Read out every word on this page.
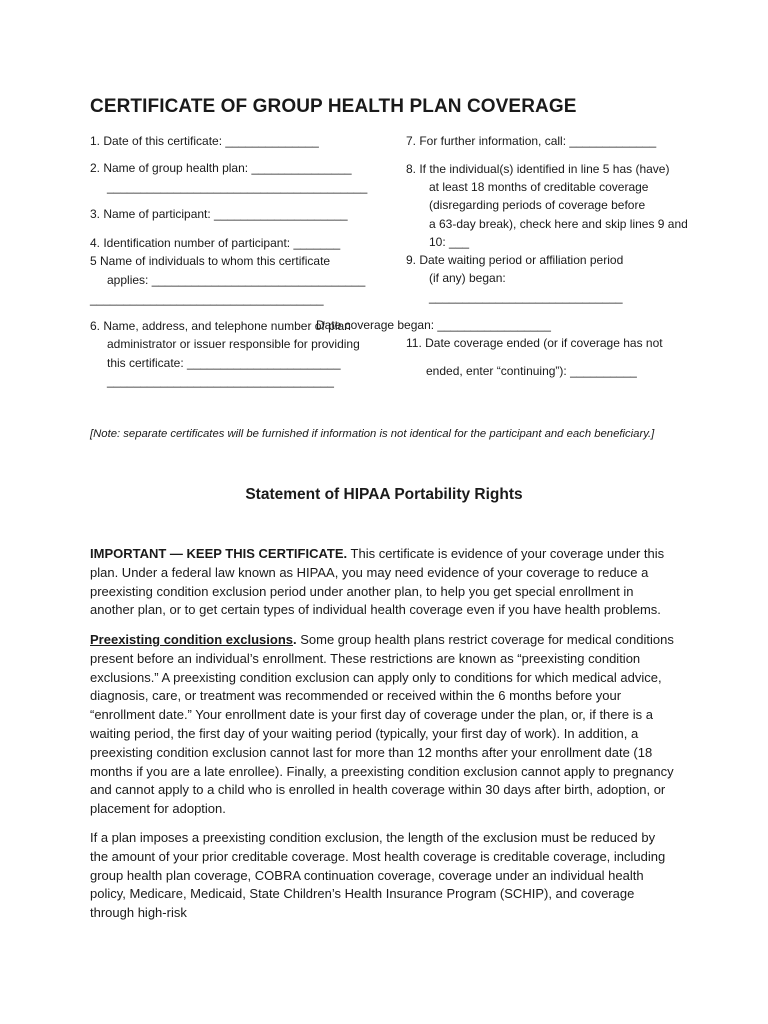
CERTIFICATE OF GROUP HEALTH PLAN COVERAGE
1. Date of this certificate: ______________
2. Name of group health plan: _______________
_______________________________________
3. Name of participant: ____________________
4. Identification number of participant: _______
5 Name of individuals to whom this certificate
applies: ________________________________
___________________________________
6. Name, address, and telephone number of plan
administrator or issuer responsible for providing
this certificate: _______________________
__________________________________
7. For further information, call: _____________
8. If the individual(s) identified in line 5 has (have)
at least 18 months of creditable coverage
(disregarding periods of coverage before
a 63-day break), check here and skip lines 9 and
10: ___
9. Date waiting period or affiliation period
(if any) began:
_____________________________
Date coverage began: _________________
11. Date coverage ended (or if coverage has not
ended, enter “continuing”): __________
[Note: separate certificates will be furnished if information is not identical for the participant and each beneficiary.]
Statement of HIPAA Portability Rights
IMPORTANT — KEEP THIS CERTIFICATE. This certificate is evidence of your coverage under this plan. Under a federal law known as HIPAA, you may need evidence of your coverage to reduce a preexisting condition exclusion period under another plan, to help you get special enrollment in another plan, or to get certain types of individual health coverage even if you have health problems.
Preexisting condition exclusions. Some group health plans restrict coverage for medical conditions present before an individual’s enrollment. These restrictions are known as “preexisting condition exclusions.” A preexisting condition exclusion can apply only to conditions for which medical advice, diagnosis, care, or treatment was recommended or received within the 6 months before your “enrollment date.” Your enrollment date is your first day of coverage under the plan, or, if there is a waiting period, the first day of your waiting period (typically, your first day of work). In addition, a preexisting condition exclusion cannot last for more than 12 months after your enrollment date (18 months if you are a late enrollee). Finally, a preexisting condition exclusion cannot apply to pregnancy and cannot apply to a child who is enrolled in health coverage within 30 days after birth, adoption, or placement for adoption.
If a plan imposes a preexisting condition exclusion, the length of the exclusion must be reduced by the amount of your prior creditable coverage. Most health coverage is creditable coverage, including group health plan coverage, COBRA continuation coverage, coverage under an individual health policy, Medicare, Medicaid, State Children’s Health Insurance Program (SCHIP), and coverage through high-risk
